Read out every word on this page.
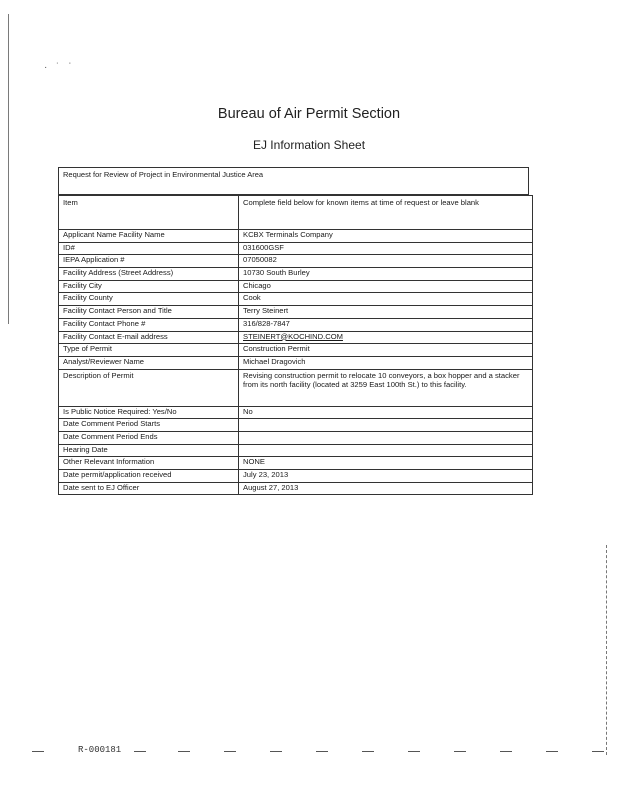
· ˙ ˈ
Bureau of Air Permit Section
EJ Information Sheet
Request for Review of Project in Environmental Justice Area
Item	Complete field below for known items at time of request or leave blank
Applicant Name Facility Name	KCBX Terminals Company
ID#	031600GSF
IEPA Application #	07050082
Facility Address (Street Address)	10730 South Burley
Facility City	Chicago
Facility County	Cook
Facility Contact Person and Title	Terry Steinert
Facility Contact Phone #	316/828-7847
Facility Contact E-mail address	STEINERT@KOCHIND.COM
Type of Permit	Construction Permit
Analyst/Reviewer Name	Michael Dragovich
Description of Permit	Revising construction permit to relocate 10 conveyors, a box hopper and a stacker from its north facility (located at 3259 East 100th St.) to this facility.
Is Public Notice Required: Yes/No	No
Date Comment Period Starts	
Date Comment Period Ends	
Hearing Date	
Other Relevant Information	NONE
Date permit/application received	July 23, 2013
Date sent to EJ Officer	August 27, 2013
R-000181
